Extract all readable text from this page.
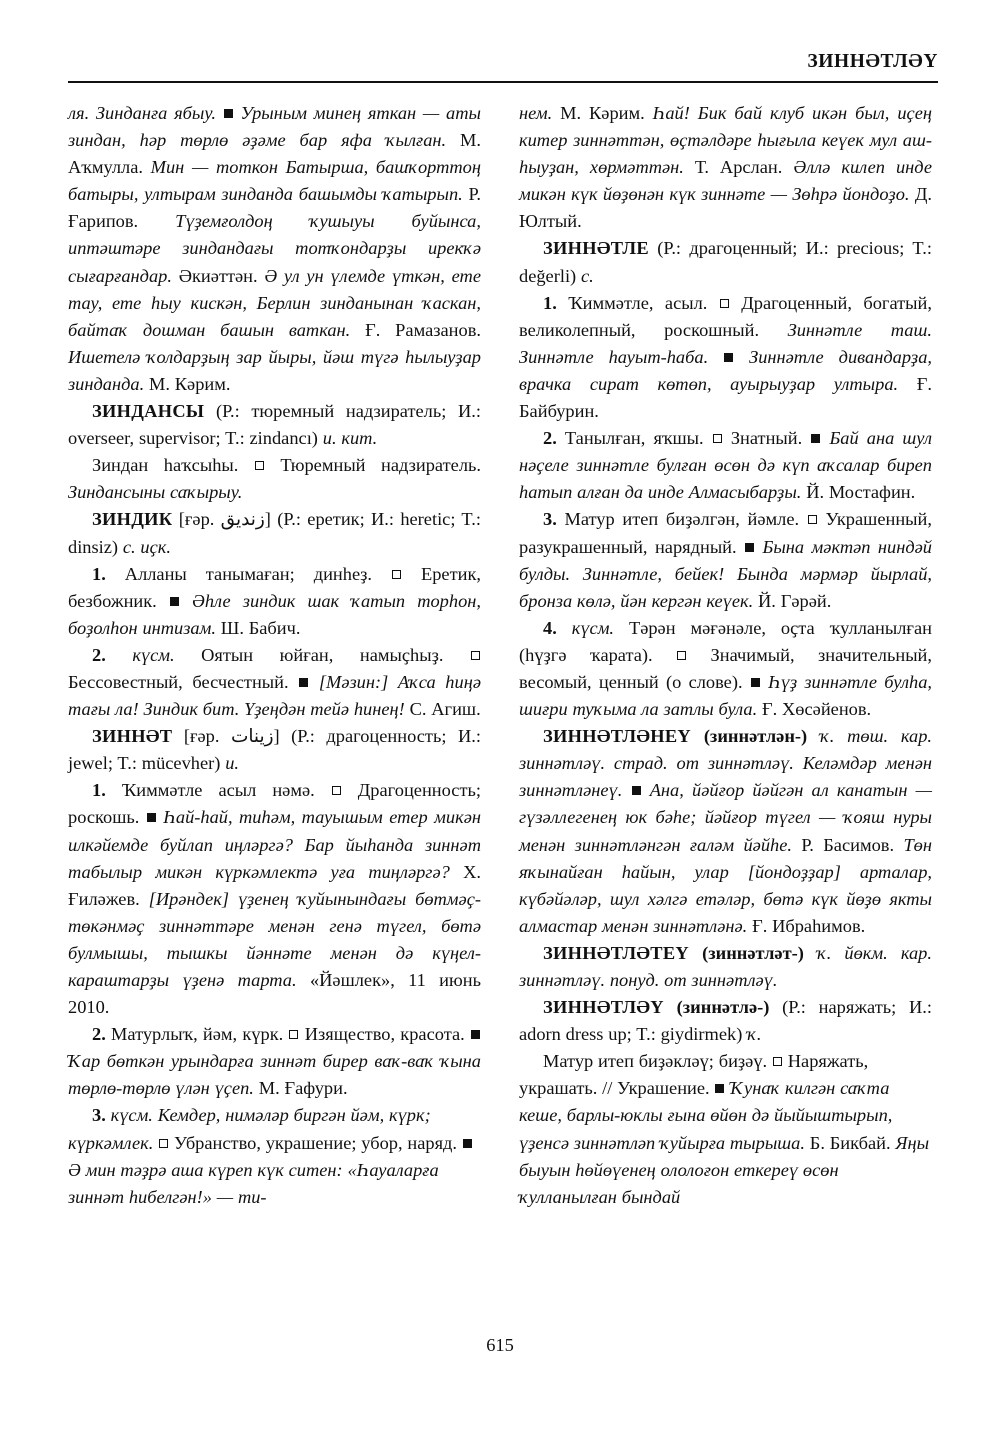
ЗИННӘТЛӘҮ

ля. Зинданға ябыу. Урыным минең яткан — аты зиндан, һәр төрлө әҙәме бар яфа ҡылған. М. Аҡмулла. Мин — тоткон Батырша, башҡорттоң батыры, ултырам зинданда башымды ҡатырып. Р. Ғарипов. Түҙемғолдоң ҡушыуы буйынса, иптәштәре зиндандағы тотҡондарҙы ирекҡә сығарғандар. Әкиәттән. Ә ул ун үлемде үткән, ете тау, ете һыу кискән, Берлин зинданынан ҡаскан, байтаҡ дошман башын ваткан. Ғ. Рамазанов. Ишетелә ҡолдарҙың зар йыры, йәш түгә һылыуҙар зинданда. М. Кәрим.

ЗИНДАНСЫ (Р.: тюремный надзиратель; И.: overseer, supervisor; T.: zindancı) и. кит.

Зиндан һаҡсыһы. Тюремный надзиратель. Зиндансыны саҡырыу.

ЗИНДИК [ғәр. زنديق] (Р.: еретик; И.: heretic; T.: dinsiz) с. иҫк.

1. Алланы танымаған; динһеҙ.	Еретик, безбожник. Әһле зиндик шак ҡатып торһон, боҙолһон интизам. Ш. Бабич.

2. күсм. Оятын юйған, намыҫһыҙ.  Бессовестный, бесчестный. [Мәзин:] Аҡса һиңә тағы ла! Зиндик бит. Үҙеңдән тейә һинең! С. Агиш.

ЗИННӘТ [ғәр. زينات] (Р.: драгоценность; И.: jewel; T.: mücevher) и.

1. Ҡиммәтле асыл нәмә. Драгоценность; роскошь. Һай-һай, тиһәм, тауышым етер микән илкәйемде буйлап иңләргә? Бар йыһанда зиннәт табылыр микән күркәмлектә уға тиңләргә? Х. Ғиләжев. [Ирәндек] үҙенең ҡуйынындағы бөтмәҫ-төкәнмәҫ зиннәттәре менән генә түгел, бөтә булмышы, тышкы йәннәте менән дә күңел-караштарҙы үҙенә тарта. «Йәшлек», 11 июнь 2010.

2. Матурлыҡ, йәм, күрк. Изящество, красота.  Ҡар бөткән урындарға зиннәт бирер ваҡ-ваҡ ҡына төрлө-төрлө үлән үҫеп. М. Ғафури.

3. күсм. Кемдер, нимәләр биргән йәм, күрк; күркәмлек. Убранство, украшение; убор, наряд.  Ә мин тәҙрә аша күреп күк ситен: «Һауаларға зиннәт һибелгән!» — ти-

нем. М. Кәрим. Һай! Бик бай клуб икән был, иҫең китер зиннәттән, өҫтәлдәре һығыла кеүек мул аш-һыуҙан, хөрмәттән. Т. Арслан. Әллә килеп инде микән күк йөҙөнән күк зиннәте — Зөһрә йондоҙо. Д. Юлтый.

ЗИННӘТЛЕ (Р.: драгоценный; И.: precious; T.: değerli) с.

1. Ҡиммәтле, асыл. Драгоценный, богатый, великолепный, роскошный. Зиннәтле таш. Зиннәтле һауыт-һаба. Зиннәтле дивандарҙа, врачка сират көтөп, ауырыуҙар ултыра. Ғ. Байбурин.

2. Танылған, яҡшы. Знатный. Бай ана шул нәҫеле зиннәтле булған өсөн дә күп аҡсалар биреп һатып алған да инде Алмасыбарҙы. Й. Мостафин.

3. Матур итеп биҙәлгән, йәмле. Украшенный, разукрашенный, нарядный. Бына мәктәп ниндәй булды. Зиннәтле, бейек! Бында мәрмәр йырлай, бронза көлә, йән кергән кеүек. Й. Гәрәй.

4. күсм. Тәрән мәғәнәле, оҫта ҡулланылған (һүҙгә ҡарата).	Значимый, значительный, весомый, ценный (о слове). Һүҙ зиннәтле булһа, шиғри туҡыма ла затлы була. Ғ. Хөсәйенов.

ЗИННӘТЛӘНЕҮ (зиннәтлән-) ҡ. төш. кар. зиннәтләү. страд. от зиннәтләү. Келәмдәр менән зиннәтләнеү. Ана, йәйғор йәйгән ал канатын — гүзәллегенең юк бәһе; йәйғор түгел — ҡояш нуры менән зиннәтләнгән ғаләм йәйһе. Р. Басимов. Төн яҡынайған һайын, улар [йондоҙҙар] арталар, күбәйәләр, шул хәлгә етәләр, бөтә күк йөҙө якты алмастар менән зиннәтләнә. Ғ. Ибраһимов.

ЗИННӘТЛӘТЕҮ (зиннәтләт-) ҡ. йөкм. кар. зиннәтләү. понуд. от зиннәтләү.

ЗИННӘТЛӘҮ (зиннәтлә-) (Р.: наряжать; И.: adorn dress up; T.: giydirmek) ҡ.

Матур итеп биҙәкләү; биҙәү. Наряжать, украшать. // Украшение. Ҡунаҡ килгән саҡта кеше, барлы-юклы ғына өйөн дә йыйыштырып, үҙенсә зиннәтләп ҡуйырға тырыша. Б. Бикбай. Яңы быуын һөйөүенең ололоғон еткереү өсөн ҡулланылған бындай

615
